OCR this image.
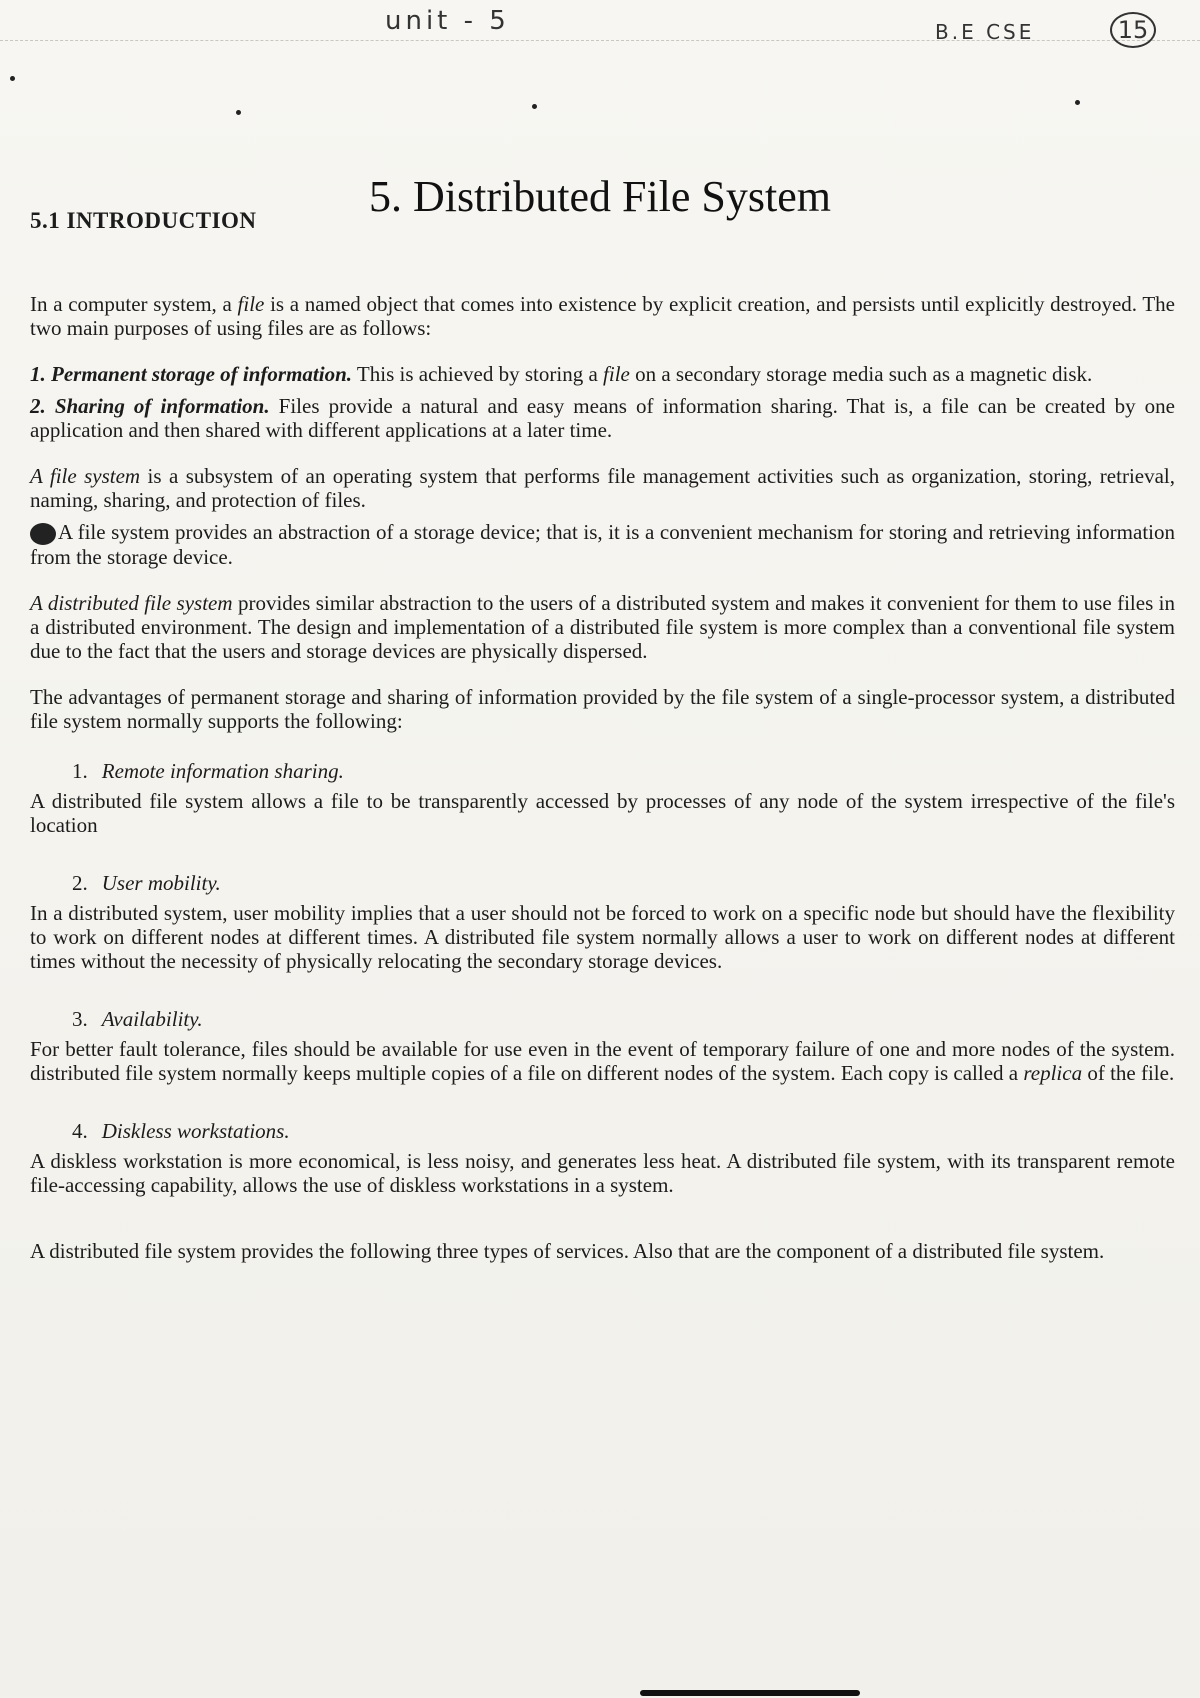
unit - 5	B.E CSE	15
5. Distributed File System
5.1 INTRODUCTION

In a computer system, a file is a named object that comes into existence by explicit creation, and persists until explicitly destroyed. The two main purposes of using files are as follows:

1. Permanent storage of information. This is achieved by storing a file on a secondary storage media such as a magnetic disk.

2. Sharing of information. Files provide a natural and easy means of information sharing. That is, a file can be created by one application and then shared with different applications at a later time.

A file system is a subsystem of an operating system that performs file management activities such as organization, storing, retrieval, naming, sharing, and protection of files.

A file system provides an abstraction of a storage device; that is, it is a convenient mechanism for storing and retrieving information from the storage device.

A distributed file system provides similar abstraction to the users of a distributed system and makes it convenient for them to use files in a distributed environment. The design and implementation of a distributed file system is more complex than a conventional file system due to the fact that the users and storage devices are physically dispersed.

The advantages of permanent storage and sharing of information provided by the file system of a single-processor system, a distributed file system normally supports the following:

1. Remote information sharing.

A distributed file system allows a file to be transparently accessed by processes of any node of the system irrespective of the file's location

2. User mobility.

In a distributed system, user mobility implies that a user should not be forced to work on a specific node but should have the flexibility to work on different nodes at different times. A distributed file system normally allows a user to work on different nodes at different times without the necessity of physically relocating the secondary storage devices.

3. Availability.

For better fault tolerance, files should be available for use even in the event of temporary failure of one and more nodes of the system. distributed file system normally keeps multiple copies of a file on different nodes of the system. Each copy is called a replica of the file.

4. Diskless workstations.

A diskless workstation is more economical, is less noisy, and generates less heat. A distributed file system, with its transparent remote file-accessing capability, allows the use of diskless workstations in a system.

A distributed file system provides the following three types of services. Also that are the component of a distributed file system.
